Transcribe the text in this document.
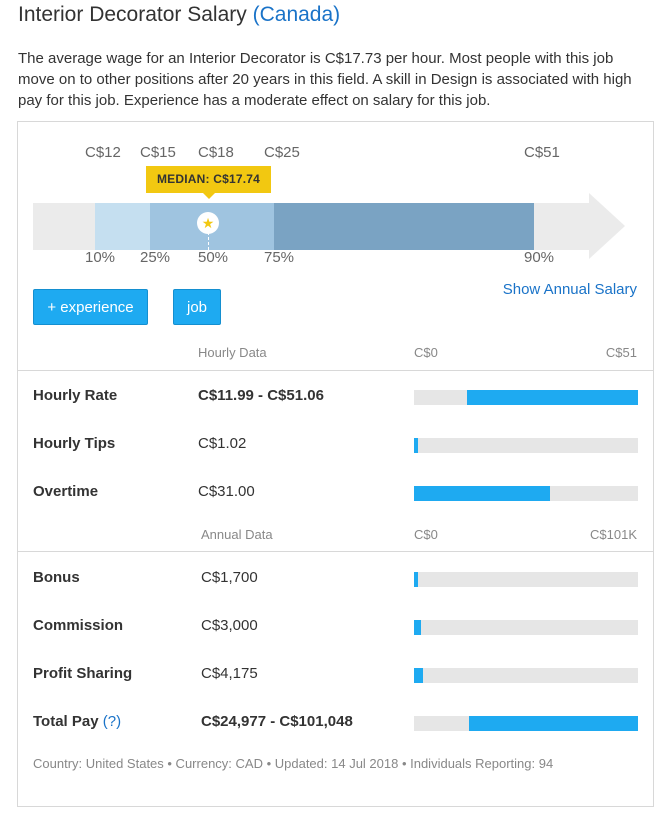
Interior Decorator Salary (Canada)

The average wage for an Interior Decorator is C$17.73 per hour. Most people with this job move on to other positions after 20 years in this field. A skill in Design is associated with high pay for this job. Experience has a moderate effect on salary for this job.

C$12 C$15 C$18 C$25	C$51
MEDIAN: C$17.74
★
10% 25% 50% 75%	90%
+ experience	job
Show Annual Salary
Hourly Data	C$0	C$51
Hourly Rate	C$11.99 - C$51.06
Hourly Tips	C$1.02
Overtime	C$31.00
Annual Data	C$0	C$101K
Bonus	C$1,700
Commission	C$3,000
Profit Sharing	C$4,175
Total Pay (?)	C$24,977 - C$101,048
Country: United States • Currency: CAD • Updated: 14 Jul 2018 • Individuals Reporting: 94
